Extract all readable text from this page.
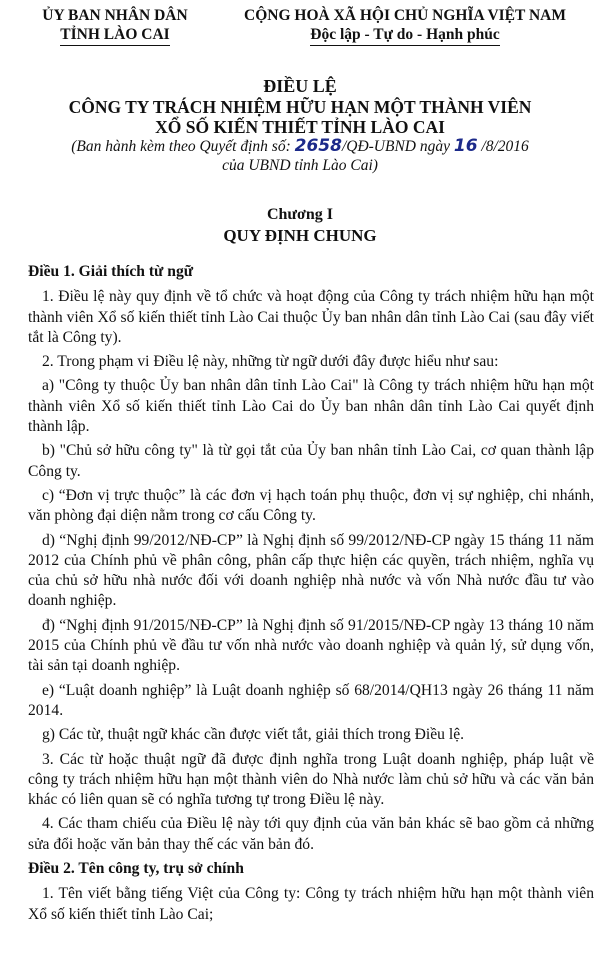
ỦY BAN NHÂN DÂN
TỈNH LÀO CAI
CỘNG HOÀ XÃ HỘI CHỦ NGHĨA VIỆT NAM
Độc lập - Tự do - Hạnh phúc
ĐIỀU LỆ
CÔNG TY TRÁCH NHIỆM HỮU HẠN MỘT THÀNH VIÊN
XỔ SỐ KIẾN THIẾT TỈNH LÀO CAI
(Ban hành kèm theo Quyết định số: 2658/QĐ-UBND ngày 16 /8/2016
của UBND tỉnh Lào Cai)
Chương I
QUY ĐỊNH CHUNG
Điều 1. Giải thích từ ngữ

1. Điều lệ này quy định về tổ chức và hoạt động của Công ty trách nhiệm hữu hạn một thành viên Xổ số kiến thiết tỉnh Lào Cai thuộc Ủy ban nhân dân tỉnh Lào Cai (sau đây viết tắt là Công ty).

2. Trong phạm vi Điều lệ này, những từ ngữ dưới đây được hiểu như sau:

a) "Công ty thuộc Ủy ban nhân dân tỉnh Lào Cai" là Công ty trách nhiệm hữu hạn một thành viên Xổ số kiến thiết tỉnh Lào Cai do Ủy ban nhân dân tỉnh Lào Cai quyết định thành lập.

b) "Chủ sở hữu công ty" là từ gọi tắt của Ủy ban nhân tỉnh Lào Cai, cơ quan thành lập Công ty.

c) “Đơn vị trực thuộc” là các đơn vị hạch toán phụ thuộc, đơn vị sự nghiệp, chi nhánh, văn phòng đại diện nằm trong cơ cấu Công ty.

d) “Nghị định 99/2012/NĐ-CP” là Nghị định số 99/2012/NĐ-CP ngày 15 tháng 11 năm 2012 của Chính phủ về phân công, phân cấp thực hiện các quyền, trách nhiệm, nghĩa vụ của chủ sở hữu nhà nước đối với doanh nghiệp nhà nước và vốn Nhà nước đầu tư vào doanh nghiệp.

đ) “Nghị định 91/2015/NĐ-CP” là Nghị định số 91/2015/NĐ-CP ngày 13 tháng 10 năm 2015 của Chính phủ về đầu tư vốn nhà nước vào doanh nghiệp và quản lý, sử dụng vốn, tài sản tại doanh nghiệp.

e) “Luật doanh nghiệp” là Luật doanh nghiệp số 68/2014/QH13 ngày 26 tháng 11 năm 2014.

g) Các từ, thuật ngữ khác cần được viết tắt, giải thích trong Điều lệ.

3. Các từ hoặc thuật ngữ đã được định nghĩa trong Luật doanh nghiệp, pháp luật về công ty trách nhiệm hữu hạn một thành viên do Nhà nước làm chủ sở hữu và các văn bản khác có liên quan sẽ có nghĩa tương tự trong Điều lệ này.

4. Các tham chiếu của Điều lệ này tới quy định của văn bản khác sẽ bao gồm cả những sửa đổi hoặc văn bản thay thế các văn bản đó.

Điều 2. Tên công ty, trụ sở chính

1. Tên viết bằng tiếng Việt của Công ty: Công ty trách nhiệm hữu hạn một thành viên Xổ số kiến thiết tỉnh Lào Cai;
